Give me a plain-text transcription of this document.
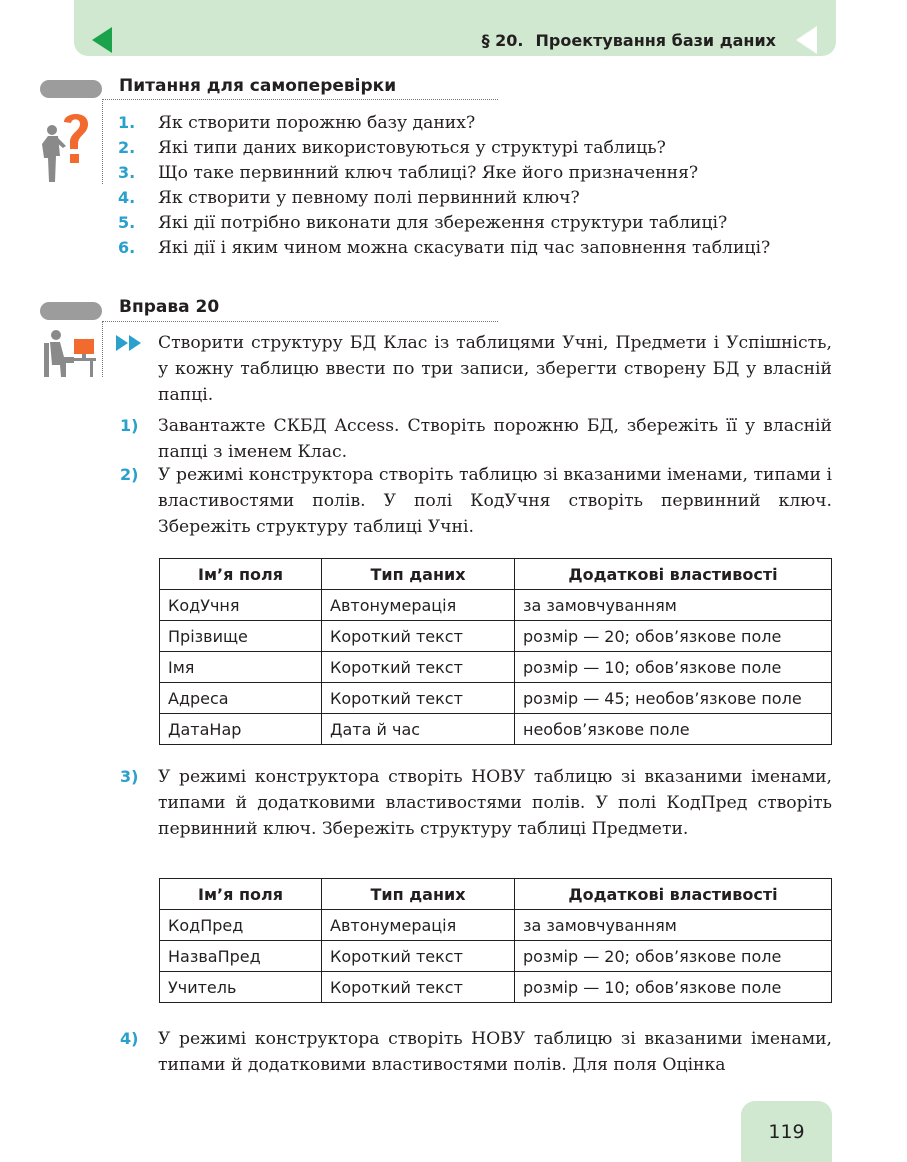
§ 20. Проектування бази даних
Питання для самоперевірки
1. Як створити порожню базу даних?
2. Які типи даних використовуються у структурі таблиць?
3. Що таке первинний ключ таблиці? Яке його призначення?
4. Як створити у певному полі первинний ключ?
5. Які дії потрібно виконати для збереження структури таблиці?
6. Які дії і яким чином можна скасувати під час заповнення таблиці?
Вправа 20
Створити структуру БД Клас із таблицями Учні, Предмети і Успішність, у кожну таблицю ввести по три записи, зберегти створену БД у власній папці.
1) Завантажте СКБД Access. Створіть порожню БД, збережіть її у власній папці з іменем Клас.
2) У режимі конструктора створіть таблицю зі вказаними іменами, типами і властивостями полів. У полі КодУчня створіть первинний ключ. Збережіть структуру таблиці Учні.
Ім’я поля	Тип даних	Додаткові властивості
КодУчня	Автонумерація	за замовчуванням
Прізвище	Короткий текст	розмір — 20; обов’язкове поле
Імя	Короткий текст	розмір — 10; обов’язкове поле
Адреса	Короткий текст	розмір — 45; необов’язкове поле
ДатаНар	Дата й час	необов’язкове поле
3) У режимі конструктора створіть НОВУ таблицю зі вказаними іменами, типами й додатковими властивостями полів. У полі КодПред створіть первинний ключ. Збережіть структуру таблиці Предмети.
Ім’я поля	Тип даних	Додаткові властивості
КодПред	Автонумерація	за замовчуванням
НазваПред	Короткий текст	розмір — 20; обов’язкове поле
Учитель	Короткий текст	розмір — 10; обов’язкове поле
4) У режимі конструктора створіть НОВУ таблицю зі вказаними іменами, типами й додатковими властивостями полів. Для поля Оцінка
119
